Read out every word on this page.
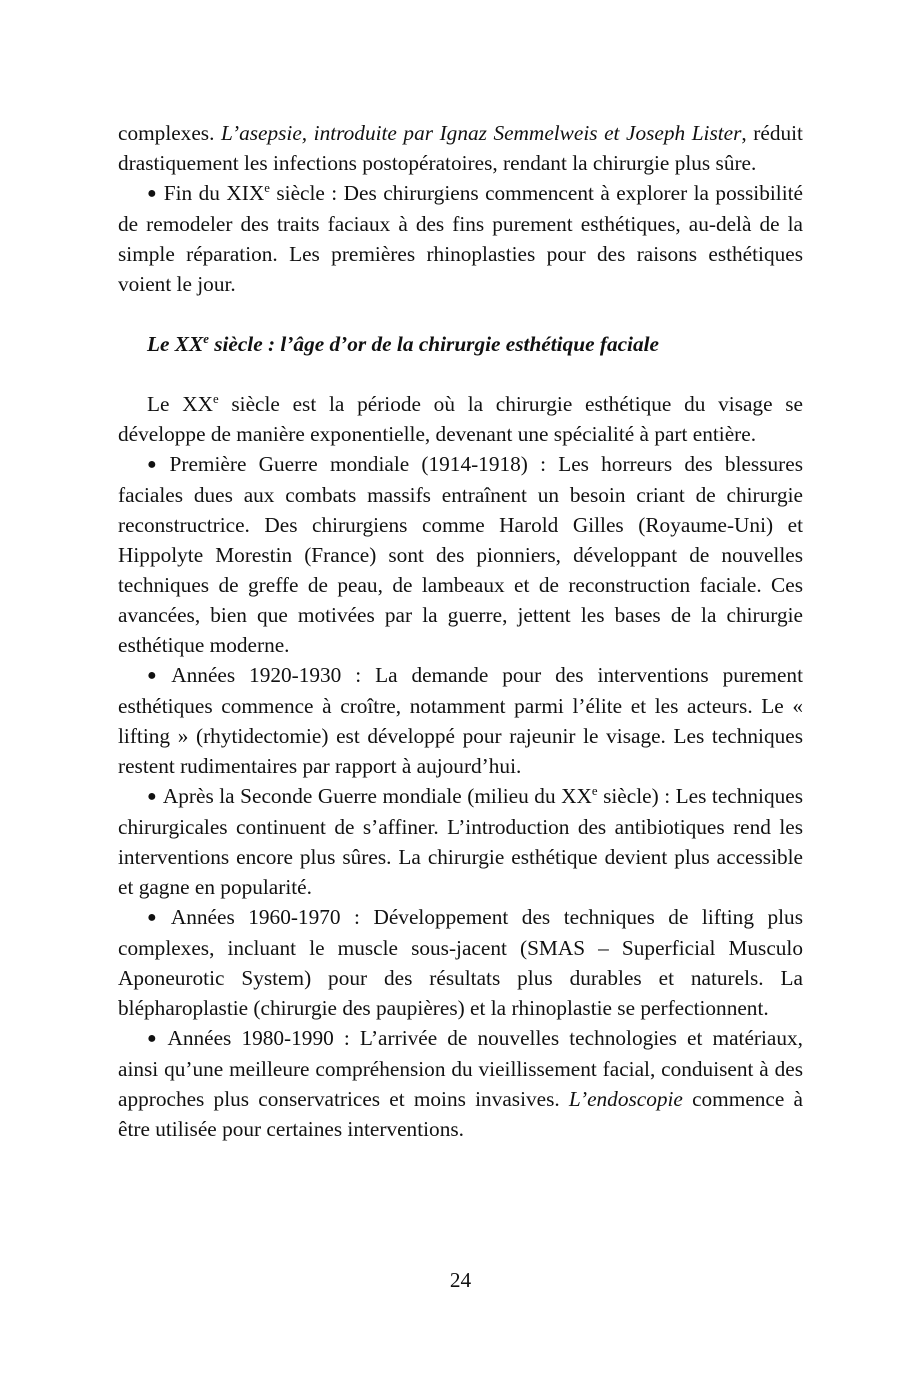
complexes. L’asepsie, introduite par Ignaz Semmelweis et Joseph Lister, réduit drastiquement les infections postopératoires, rendant la chirurgie plus sûre.

● Fin du XIXe siècle : Des chirurgiens commencent à explorer la possibilité de remodeler des traits faciaux à des fins purement esthétiques, au-delà de la simple réparation. Les premières rhinoplasties pour des raisons esthétiques voient le jour.

Le XXe siècle : l’âge d’or de la chirurgie esthétique faciale

Le XXe siècle est la période où la chirurgie esthétique du visage se développe de manière exponentielle, devenant une spécialité à part entière.

● Première Guerre mondiale (1914-1918) : Les horreurs des blessures faciales dues aux combats massifs entraînent un besoin criant de chirurgie reconstructrice. Des chirurgiens comme Harold Gilles (Royaume-Uni) et Hippolyte Morestin (France) sont des pionniers, développant de nouvelles techniques de greffe de peau, de lambeaux et de reconstruction faciale. Ces avancées, bien que motivées par la guerre, jettent les bases de la chirurgie esthétique moderne.

● Années 1920-1930 : La demande pour des interventions purement esthétiques commence à croître, notamment parmi l’élite et les acteurs. Le « lifting » (rhytidectomie) est développé pour rajeunir le visage. Les techniques restent rudimentaires par rapport à aujourd’hui.

● Après la Seconde Guerre mondiale (milieu du XXe siècle) : Les techniques chirurgicales continuent de s’affiner. L’introduction des antibiotiques rend les interventions encore plus sûres. La chirurgie esthétique devient plus accessible et gagne en popularité.

● Années 1960-1970 : Développement des techniques de lifting plus complexes, incluant le muscle sous-jacent (SMAS – Superficial Musculo Aponeurotic System) pour des résultats plus durables et naturels. La blépharoplastie (chirurgie des paupières) et la rhinoplastie se perfectionnent.

● Années 1980-1990 : L’arrivée de nouvelles technologies et matériaux, ainsi qu’une meilleure compréhension du vieillissement facial, conduisent à des approches plus conservatrices et moins invasives. L’endoscopie commence à être utilisée pour certaines interventions.

24
